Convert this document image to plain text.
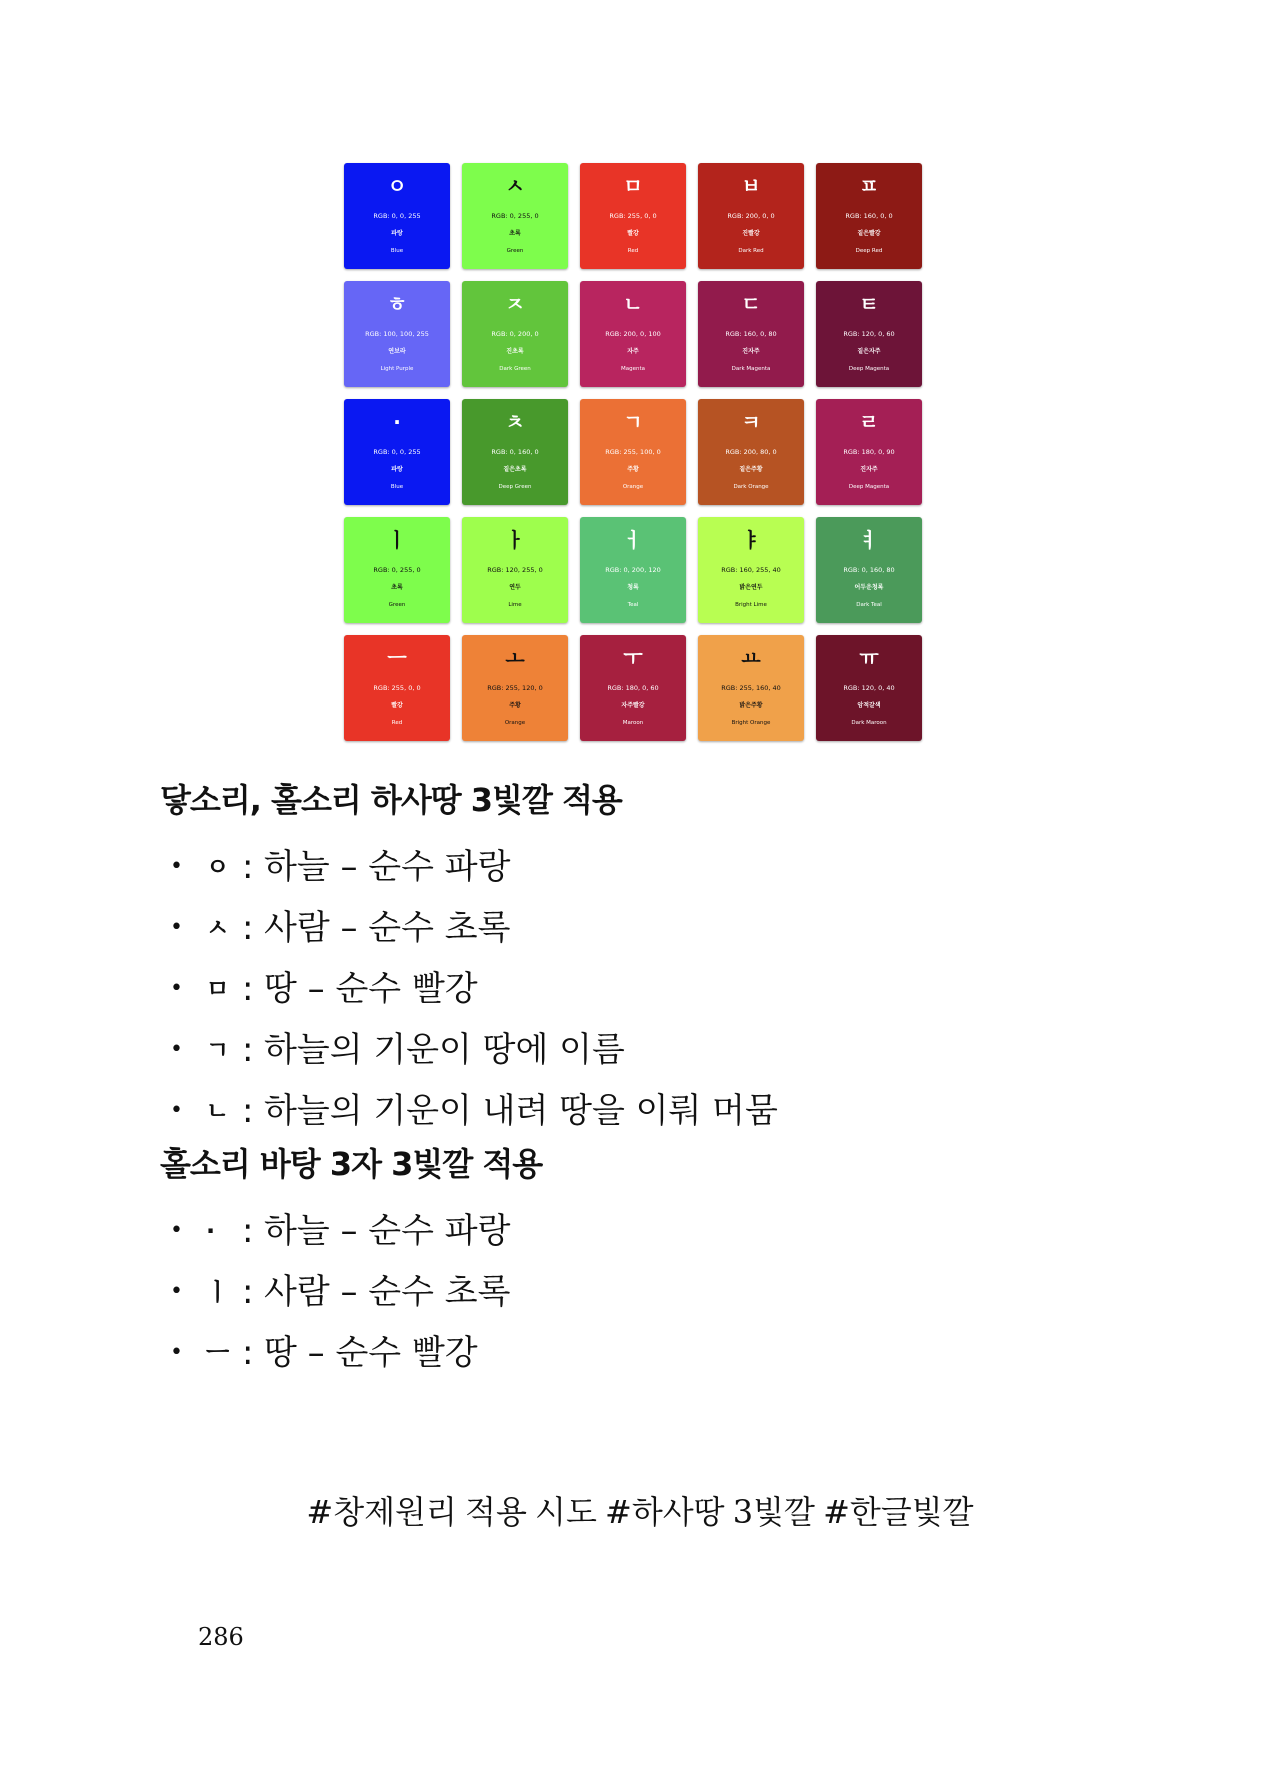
ㅇ
RGB: 0, 0, 255
파랑
Blue
ㅅ
RGB: 0, 255, 0
초록
Green
ㅁ
RGB: 255, 0, 0
빨강
Red
ㅂ
RGB: 200, 0, 0
진빨강
Dark Red
ㅍ
RGB: 160, 0, 0
짙은빨강
Deep Red
ㅎ
RGB: 100, 100, 255
연보라
Light Purple
ㅈ
RGB: 0, 200, 0
진초록
Dark Green
ㄴ
RGB: 200, 0, 100
자주
Magenta
ㄷ
RGB: 160, 0, 80
진자주
Dark Magenta
ㅌ
RGB: 120, 0, 60
짙은자주
Deep Magenta
·
RGB: 0, 0, 255
파랑
Blue
ㅊ
RGB: 0, 160, 0
짙은초록
Deep Green
ㄱ
RGB: 255, 100, 0
주황
Orange
ㅋ
RGB: 200, 80, 0
짙은주황
Dark Orange
ㄹ
RGB: 180, 0, 90
진자주
Deep Magenta
ㅣ
RGB: 0, 255, 0
초록
Green
ㅏ
RGB: 120, 255, 0
연두
Lime
ㅓ
RGB: 0, 200, 120
청록
Teal
ㅑ
RGB: 160, 255, 40
밝은연두
Bright Lime
ㅕ
RGB: 0, 160, 80
어두운청록
Dark Teal
ㅡ
RGB: 255, 0, 0
빨강
Red
ㅗ
RGB: 255, 120, 0
주황
Orange
ㅜ
RGB: 180, 0, 60
자주빨강
Maroon
ㅛ
RGB: 255, 160, 40
밝은주황
Bright Orange
ㅠ
RGB: 120, 0, 40
암적갈색
Dark Maroon
닿소리, 홀소리 하사땅 3빛깔 적용
• ㅇ : 하늘 – 순수 파랑
• ㅅ : 사람 – 순수 초록
• ㅁ : 땅 – 순수 빨강
• ㄱ : 하늘의 기운이 땅에 이름
• ㄴ : 하늘의 기운이 내려 땅을 이뤄 머뭄
홀소리 바탕 3자 3빛깔 적용
• · : 하늘 – 순수 파랑
• ㅣ : 사람 – 순수 초록
• ㅡ : 땅 – 순수 빨강
#창제원리 적용 시도 #하사땅 3빛깔 #한글빛깔
286
